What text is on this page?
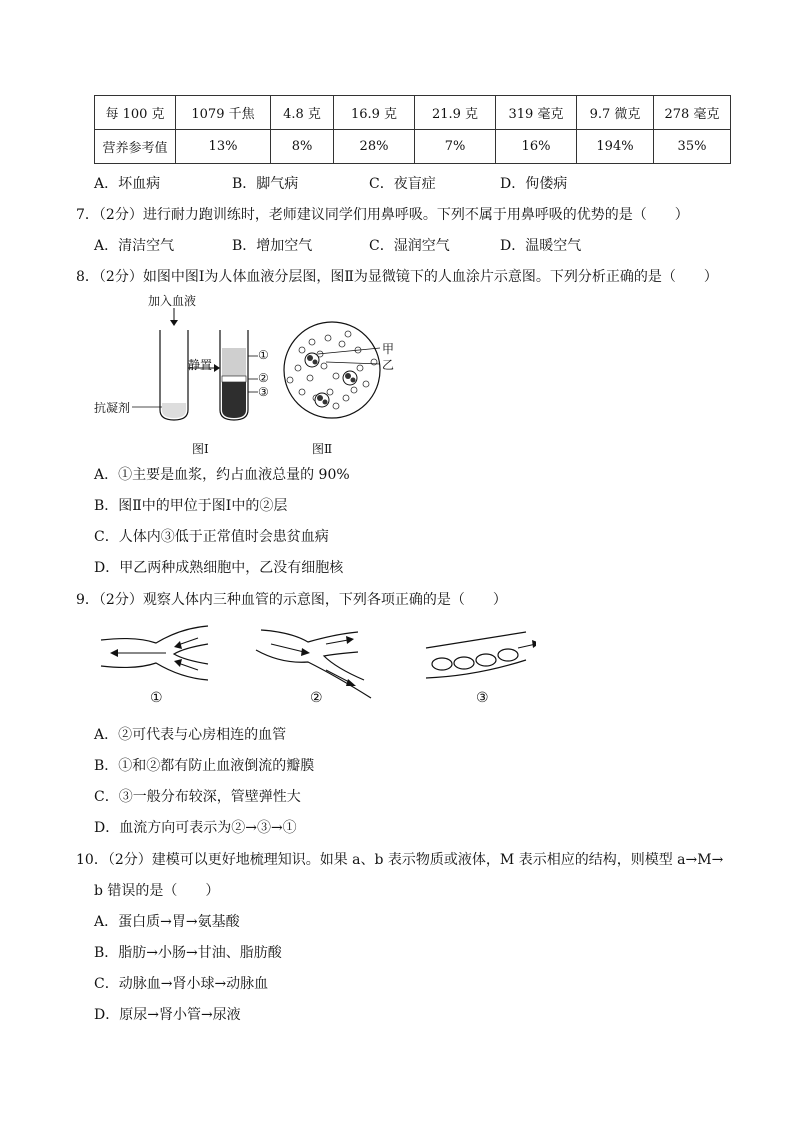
每 100 克	1079 千焦	4.8 克	16.9 克	21.9 克	319 毫克	9.7 微克	278 毫克
营养参考值	13%	8%	28%	7%	16%	194%	35%
A．坏血病	B．脚气病	C．夜盲症	D．佝偻病
7．（2分）进行耐力跑训练时，老师建议同学们用鼻呼吸。下列不属于用鼻呼吸的优势的是（　　）
A．清洁空气	B．增加空气	C．湿润空气	D．温暖空气
8．（2分）如图中图Ⅰ为人体血液分层图，图Ⅱ为显微镜下的人血涂片示意图。下列分析正确的是（　　）
加入血液
静置
抗凝剂
①
②
③
甲
乙
图Ⅰ	图Ⅱ
A．①主要是血浆，约占血液总量的 90%
B．图Ⅱ中的甲位于图Ⅰ中的②层
C．人体内③低于正常值时会患贫血病
D．甲乙两种成熟细胞中，乙没有细胞核
9．（2分）观察人体内三种血管的示意图，下列各项正确的是（　　）
①	②	③
A．②可代表与心房相连的血管
B．①和②都有防止血液倒流的瓣膜
C．③一般分布较深，管壁弹性大
D．血流方向可表示为②→③→①
10．（2分）建模可以更好地梳理知识。如果 a、b 表示物质或液体，M 表示相应的结构，则模型 a→M→
b 错误的是（　　）
A．蛋白质→胃→氨基酸
B．脂肪→小肠→甘油、脂肪酸
C．动脉血→肾小球→动脉血
D．原尿→肾小管→尿液
